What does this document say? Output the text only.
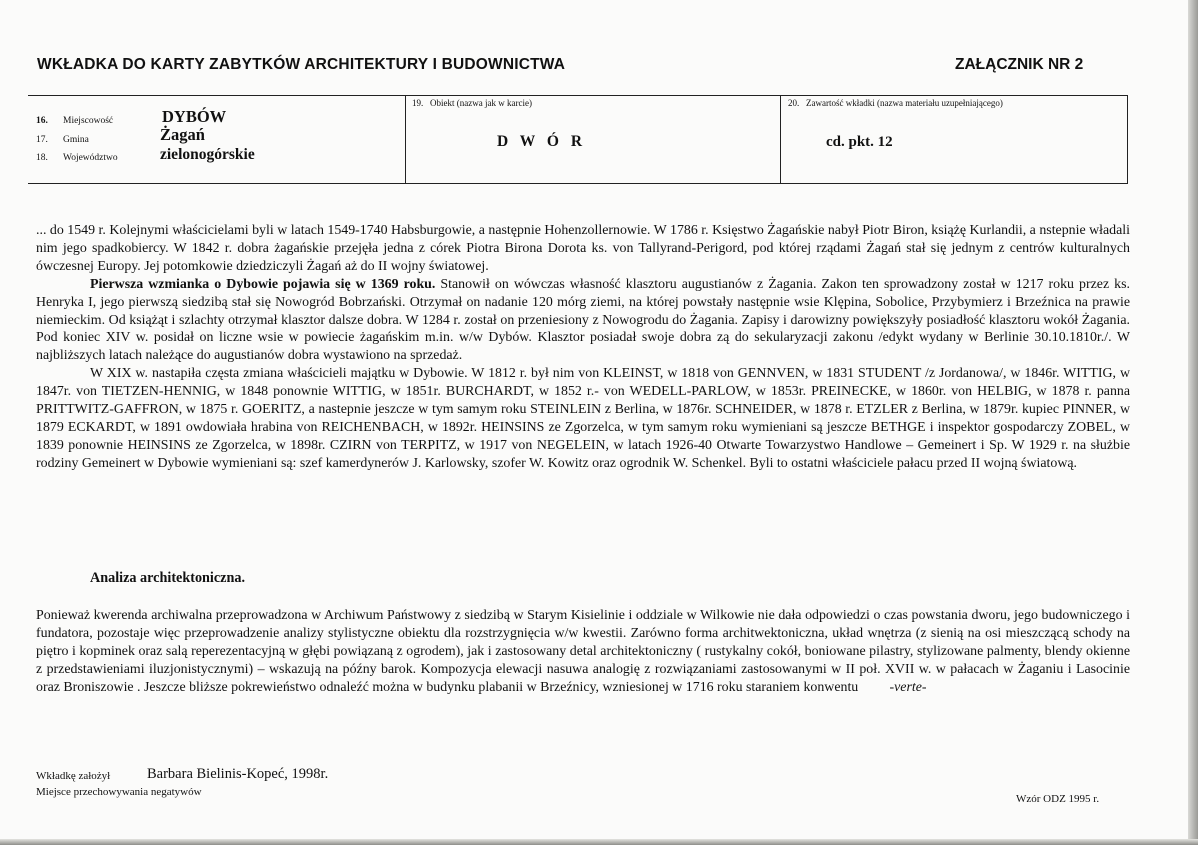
WKŁADKA DO KARTY ZABYTKÓW ARCHITEKTURY I BUDOWNICTWA	ZAŁĄCZNIK NR 2
16. Miejscowość	DYBÓW
17. Gmina	Żagań
18. Województwo	zielonogórskie
19.   Obiekt (nazwa jak w karcie)
D W Ó R
20.   Zawartość wkładki (nazwa materiału uzupełniającego)
cd. pkt. 12

... do 1549 r. Kolejnymi właścicielami byli w latach 1549-1740 Habsburgowie, a następnie Hohenzollernowie. W 1786 r. Księstwo Żagańskie nabył Piotr Biron, książę Kurlandii, a nstepnie władali nim jego spadkobiercy. W 1842 r. dobra żagańskie przejęła jedna z córek Piotra Birona Dorota ks. von Tallyrand-Perigord, pod której rządami Żagań stał się jednym z centrów kulturalnych ówczesnej Europy. Jej potomkowie dziedziczyli Żagań aż do II wojny światowej.

Pierwsza wzmianka o Dybowie pojawia się w 1369 roku. Stanowił on wówczas własność klasztoru augustianów z Żagania. Zakon ten sprowadzony został w 1217 roku przez ks. Henryka I, jego pierwszą siedzibą stał się Nowogród Bobrzański. Otrzymał on nadanie 120 mórg ziemi, na której powstały następnie wsie Klępina, Sobolice, Przybymierz i Brzeźnica na prawie niemieckim. Od książąt i szlachty otrzymał klasztor dalsze dobra. W 1284 r. został on przeniesiony z Nowogrodu do Żagania. Zapisy i darowizny powiększyły posiadłość klasztoru wokół Żagania. Pod koniec XIV w. posidał on liczne wsie w powiecie żagańskim m.in. w/w Dybów. Klasztor posiadał swoje dobra zą do sekularyzacji zakonu /edykt wydany w Berlinie 30.10.1810r./. W najbliższych latach należące do augustianów dobra wystawiono na sprzedaż.

W XIX w. nastapiła częsta zmiana właścicieli majątku w Dybowie. W 1812 r. był nim von KLEINST, w 1818 von GENNVEN, w 1831 STUDENT /z Jordanowa/, w 1846r. WITTIG, w 1847r. von TIETZEN-HENNIG, w 1848 ponownie WITTIG, w 1851r. BURCHARDT, w 1852 r.- von WEDELL-PARLOW, w 1853r. PREINECKE, w 1860r. von HELBIG, w 1878 r. panna PRITTWITZ-GAFFRON, w 1875 r. GOERITZ, a nastepnie jeszcze w tym samym roku STEINLEIN z Berlina, w 1876r. SCHNEIDER, w 1878 r. ETZLER z Berlina, w 1879r. kupiec PINNER, w 1879 ECKARDT, w 1891 owdowiała hrabina von REICHENBACH, w 1892r. HEINSINS ze Zgorzelca, w tym samym roku wymieniani są jeszcze BETHGE i inspektor gospodarczy ZOBEL, w 1839 ponownie HEINSINS ze Zgorzelca, w 1898r. CZIRN von TERPITZ, w 1917 von NEGELEIN, w latach 1926-40 Otwarte Towarzystwo Handlowe – Gemeinert i Sp. W 1929 r. na służbie rodziny Gemeinert w Dybowie wymieniani są: szef kamerdynerów J. Karlowsky, szofer W. Kowitz oraz ogrodnik W. Schenkel. Byli to ostatni właściciele pałacu przed II wojną światową.

Analiza architektoniczna.

Ponieważ kwerenda archiwalna przeprowadzona w Archiwum Państwowy z siedzibą w Starym Kisielinie i oddziale w Wilkowie nie dała odpowiedzi o czas powstania dworu, jego budowniczego i fundatora, pozostaje więc przeprowadzenie analizy stylistyczne obiektu dla rozstrzygnięcia w/w kwestii. Zarówno forma architwektoniczna, układ wnętrza (z sienią na osi mieszczącą schody na piętro i kopminek oraz salą reperezentacyjną w głębi powiązaną z ogrodem), jak i zastosowany detal architektoniczny ( rustykalny cokół, boniowane pilastry, stylizowane palmenty, blendy okienne z przedstawieniami iluzjonistycznymi) – wskazują na późny barok. Kompozycja elewacji nasuwa analogię z rozwiązaniami zastosowanymi w II poł. XVII w. w pałacach w Żaganiu i Lasocinie oraz Broniszowie . Jeszcze bliższe pokrewieństwo odnaleźć można w budynku plabanii w Brzeźnicy, wzniesionej w 1716 roku staraniem konwentu -verte-

Wkładkę założył	Barbara Bielinis-Kopeć, 1998r.
Miejsce przechowywania negatywów
Wzór ODZ 1995 r.
